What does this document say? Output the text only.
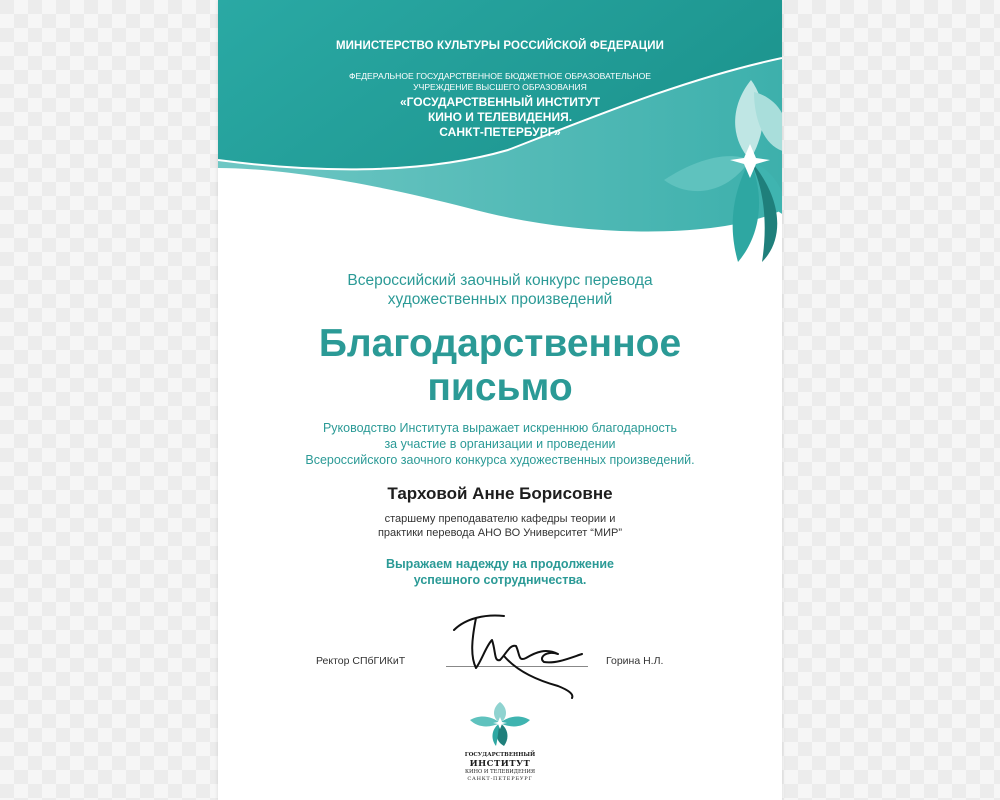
МИНИСТЕРСТВО КУЛЬТУРЫ РОССИЙСКОЙ ФЕДЕРАЦИИ
ФЕДЕРАЛЬНОЕ ГОСУДАРСТВЕННОЕ БЮДЖЕТНОЕ ОБРАЗОВАТЕЛЬНОЕ
УЧРЕЖДЕНИЕ ВЫСШЕГО ОБРАЗОВАНИЯ
«ГОСУДАРСТВЕННЫЙ ИНСТИТУТ
КИНО И ТЕЛЕВИДЕНИЯ.
САНКТ-ПЕТЕРБУРГ»
Всероссийский заочный конкурс перевода
художественных произведений
Благодарственное
письмо
Руководство Института выражает искреннюю благодарность
за участие в организации и проведении
Всероссийского заочного конкурса художественных произведений.
Тарховой Анне Борисовне
старшему преподавателю кафедры теории и
практики перевода АНО ВО Университет “МИР”
Выражаем надежду на продолжение
успешного сотрудничества.
Ректор СПбГИКиТ	Горина Н.Л.
ГОСУДАРСТВЕННЫЙ
ИНСТИТУТ
КИНО И ТЕЛЕВИДЕНИЯ
САНКТ-ПЕТЕРБУРГ
